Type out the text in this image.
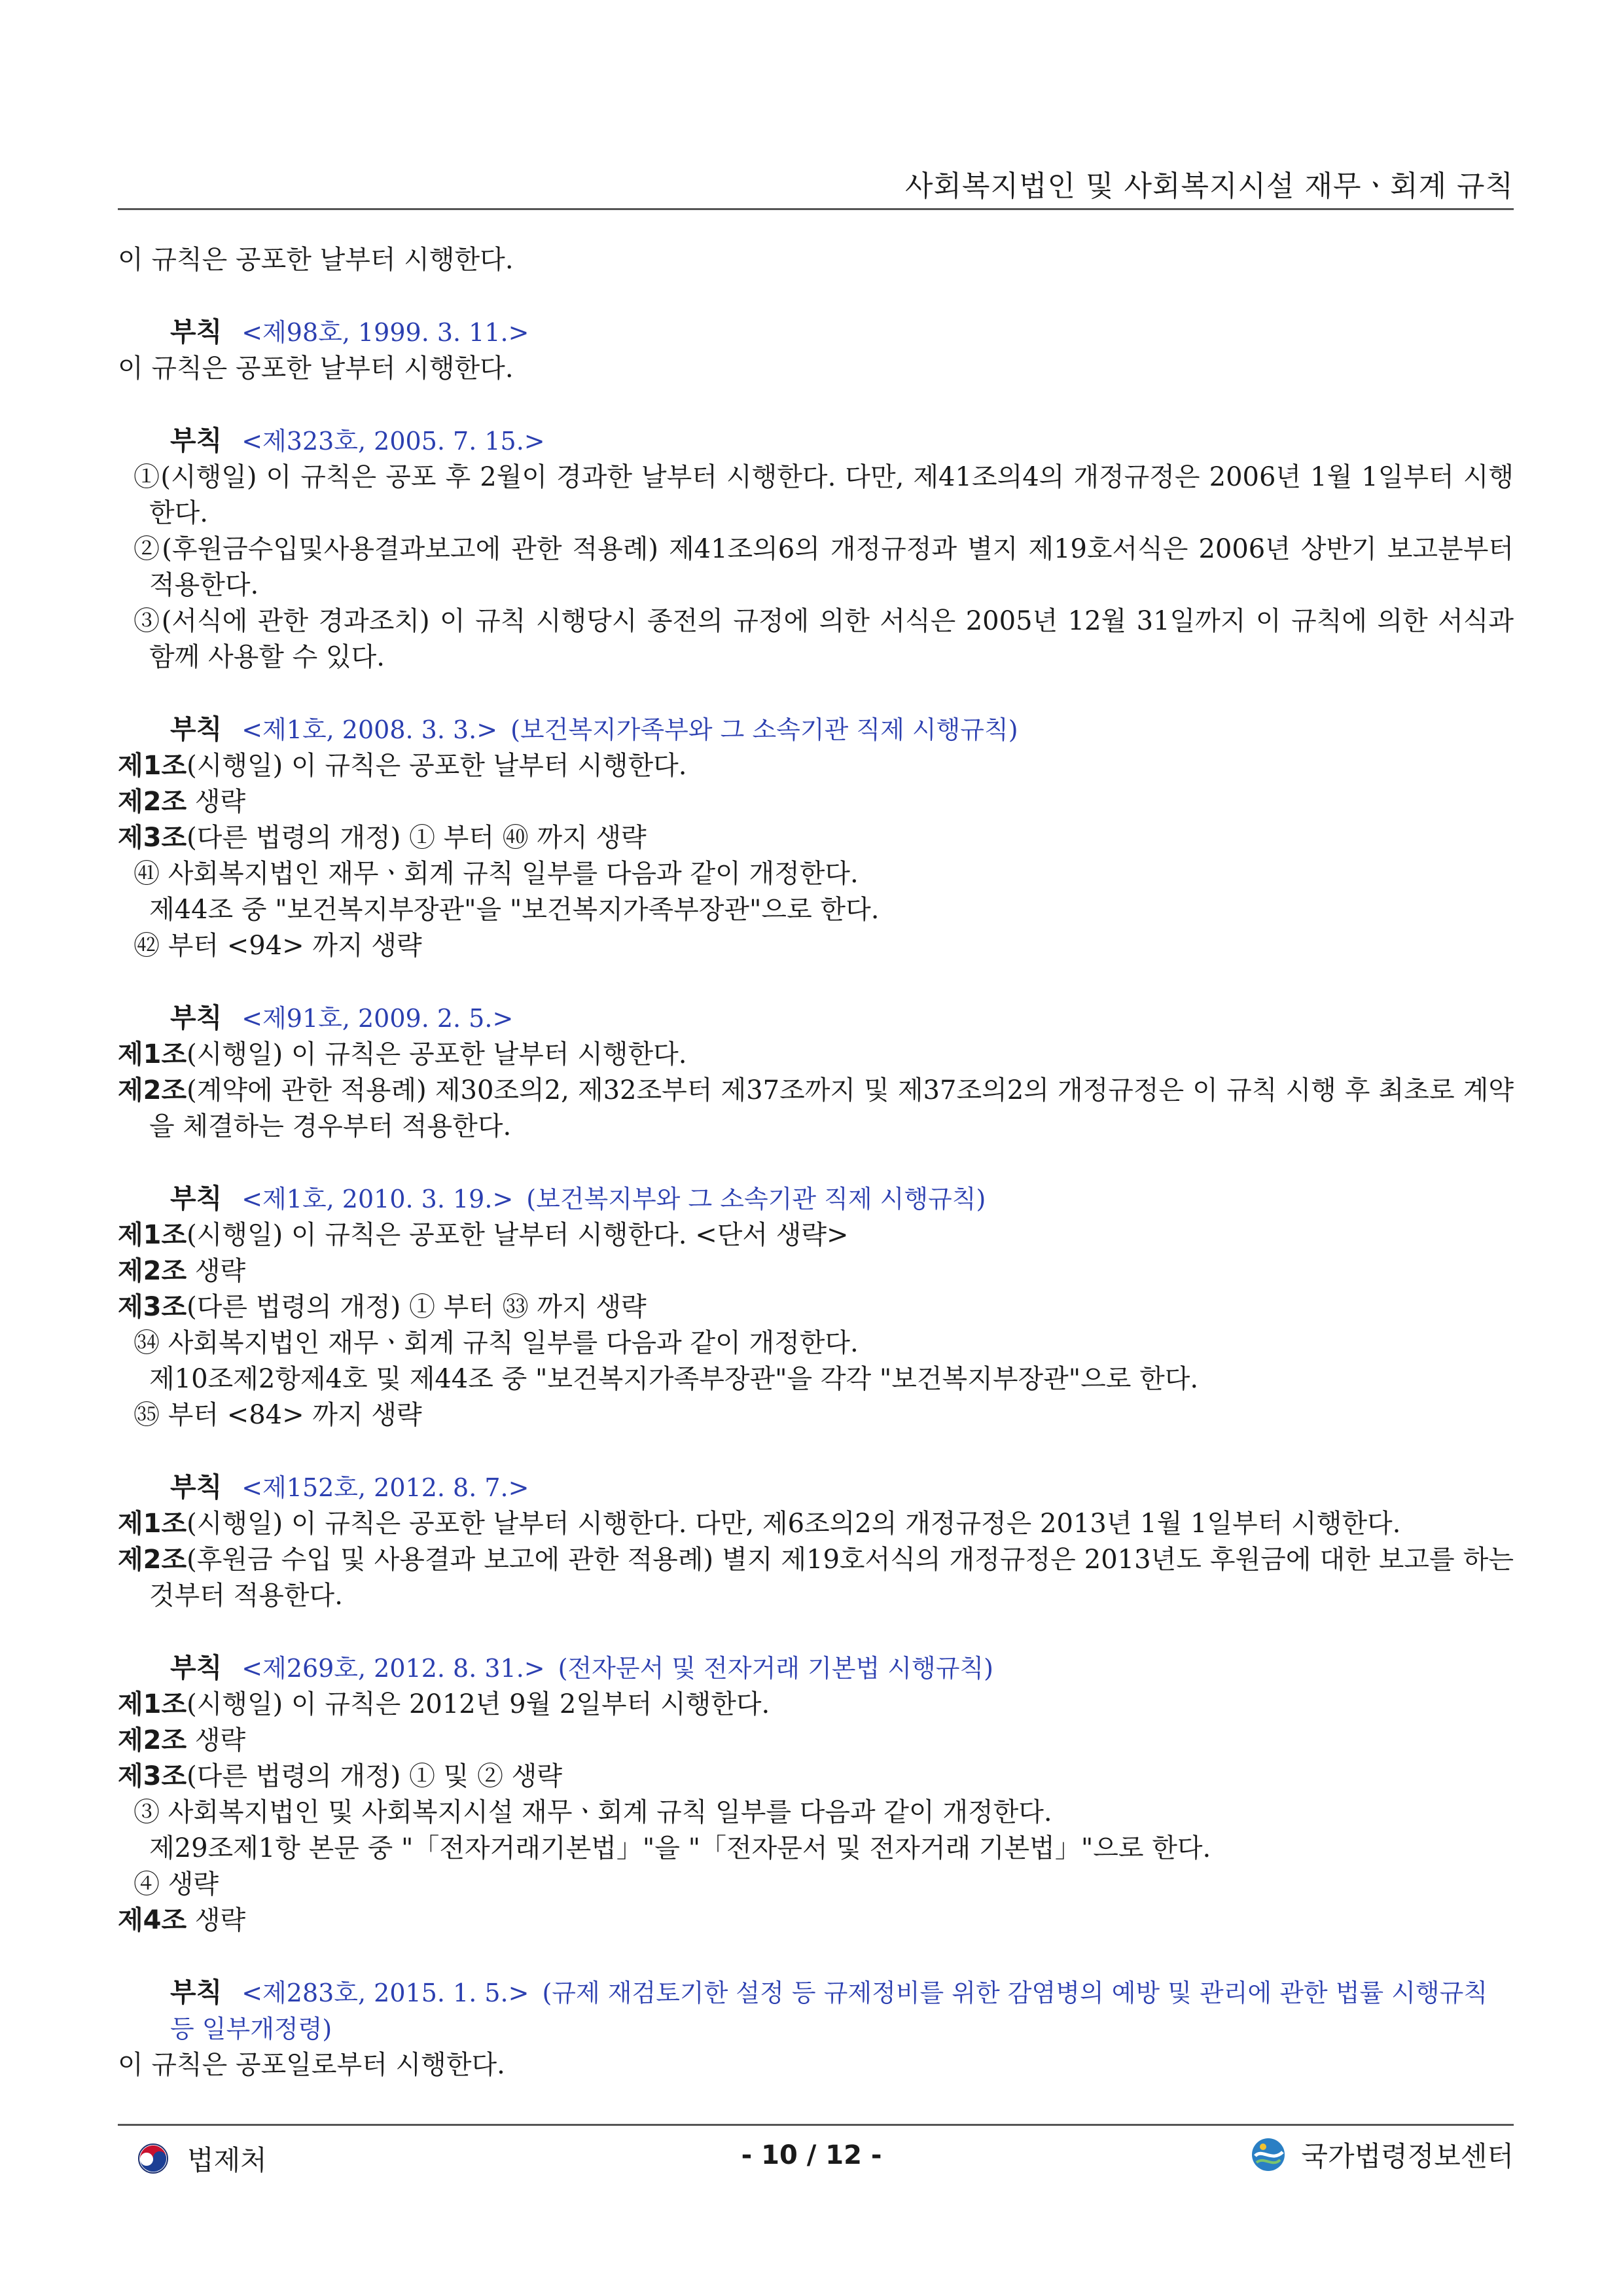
사회복지법인 및 사회복지시설 재무ㆍ회계 규칙
이 규칙은 공포한 날부터 시행한다.
부칙 <제98호, 1999. 3. 11.>
이 규칙은 공포한 날부터 시행한다.
부칙 <제323호, 2005. 7. 15.>
①(시행일) 이 규칙은 공포 후 2월이 경과한 날부터 시행한다. 다만, 제41조의4의 개정규정은 2006년 1월 1일부터 시행한다.
②(후원금수입및사용결과보고에 관한 적용례) 제41조의6의 개정규정과 별지 제19호서식은 2006년 상반기 보고분부터 적용한다.
③(서식에 관한 경과조치) 이 규칙 시행당시 종전의 규정에 의한 서식은 2005년 12월 31일까지 이 규칙에 의한 서식과 함께 사용할 수 있다.
부칙 <제1호, 2008. 3. 3.> (보건복지가족부와 그 소속기관 직제 시행규칙)
제1조(시행일) 이 규칙은 공포한 날부터 시행한다.
제2조 생략
제3조(다른 법령의 개정) ① 부터 ㊵ 까지 생략
㊶ 사회복지법인 재무ㆍ회계 규칙 일부를 다음과 같이 개정한다.
제44조 중 "보건복지부장관"을 "보건복지가족부장관"으로 한다.
㊷ 부터 <94> 까지 생략
부칙 <제91호, 2009. 2. 5.>
제1조(시행일) 이 규칙은 공포한 날부터 시행한다.
제2조(계약에 관한 적용례) 제30조의2, 제32조부터 제37조까지 및 제37조의2의 개정규정은 이 규칙 시행 후 최초로 계약을 체결하는 경우부터 적용한다.
부칙 <제1호, 2010. 3. 19.> (보건복지부와 그 소속기관 직제 시행규칙)
제1조(시행일) 이 규칙은 공포한 날부터 시행한다. <단서 생략>
제2조 생략
제3조(다른 법령의 개정) ① 부터 ㉝ 까지 생략
㉞ 사회복지법인 재무ㆍ회계 규칙 일부를 다음과 같이 개정한다.
제10조제2항제4호 및 제44조 중 "보건복지가족부장관"을 각각 "보건복지부장관"으로 한다.
㉟ 부터 <84> 까지 생략
부칙 <제152호, 2012. 8. 7.>
제1조(시행일) 이 규칙은 공포한 날부터 시행한다. 다만, 제6조의2의 개정규정은 2013년 1월 1일부터 시행한다.
제2조(후원금 수입 및 사용결과 보고에 관한 적용례) 별지 제19호서식의 개정규정은 2013년도 후원금에 대한 보고를 하는 것부터 적용한다.
부칙 <제269호, 2012. 8. 31.> (전자문서 및 전자거래 기본법 시행규칙)
제1조(시행일) 이 규칙은 2012년 9월 2일부터 시행한다.
제2조 생략
제3조(다른 법령의 개정) ① 및 ② 생략
③ 사회복지법인 및 사회복지시설 재무ㆍ회계 규칙 일부를 다음과 같이 개정한다.
제29조제1항 본문 중 "「전자거래기본법」"을 "「전자문서 및 전자거래 기본법」"으로 한다.
④ 생략
제4조 생략
부칙 <제283호, 2015. 1. 5.> (규제 재검토기한 설정 등 규제정비를 위한 감염병의 예방 및 관리에 관한 법률 시행규칙 등 일부개정령)
이 규칙은 공포일로부터 시행한다.
법제처	- 10 / 12 -	국가법령정보센터
